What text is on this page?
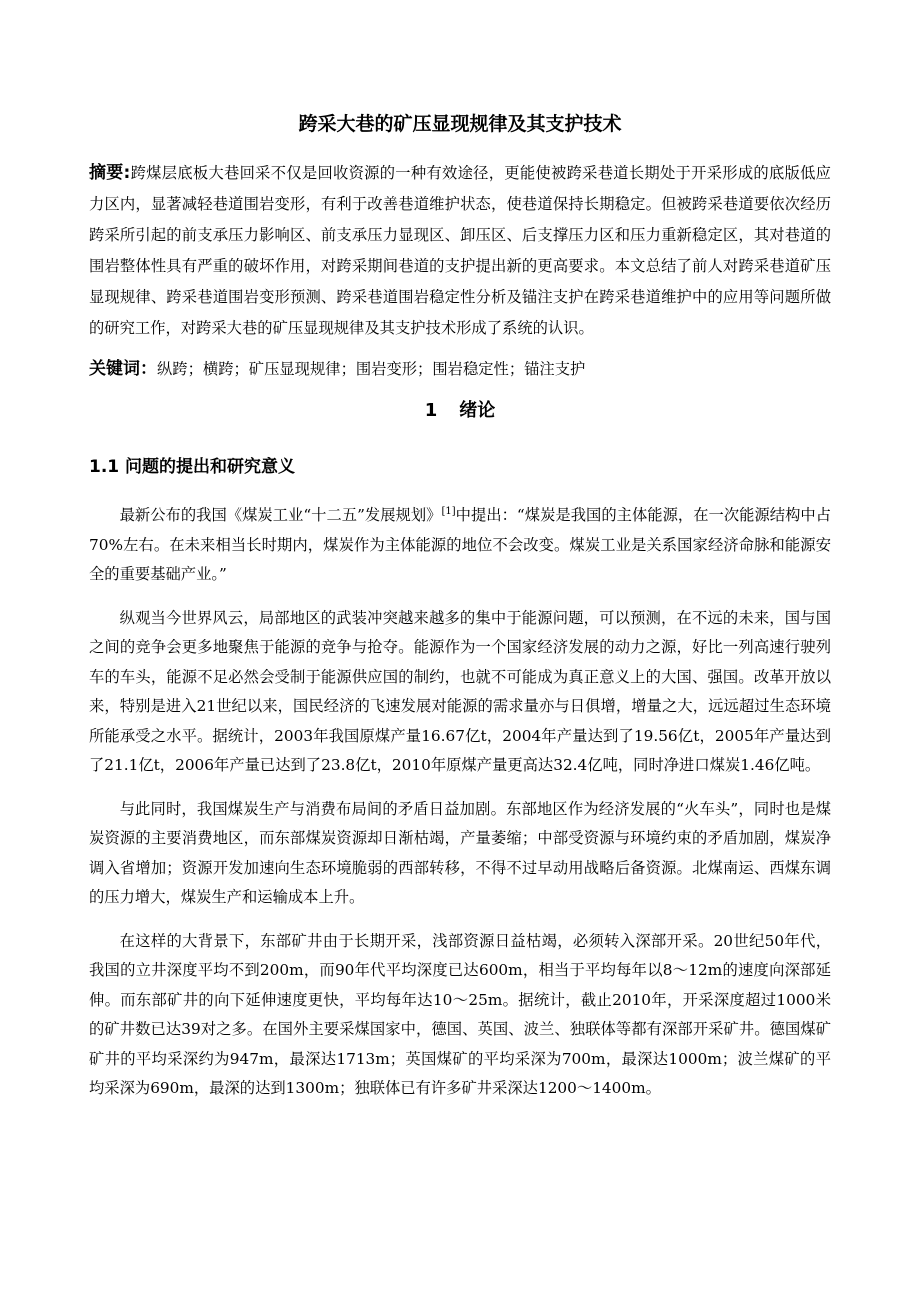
跨采大巷的矿压显现规律及其支护技术

摘要:跨煤层底板大巷回采不仅是回收资源的一种有效途径，更能使被跨采巷道长期处于开采形成的底版低应力区内，显著减轻巷道围岩变形，有利于改善巷道维护状态，使巷道保持长期稳定。但被跨采巷道要依次经历跨采所引起的前支承压力影响区、前支承压力显现区、卸压区、后支撑压力区和压力重新稳定区，其对巷道的围岩整体性具有严重的破坏作用，对跨采期间巷道的支护提出新的更高要求。本文总结了前人对跨采巷道矿压显现规律、跨采巷道围岩变形预测、跨采巷道围岩稳定性分析及锚注支护在跨采巷道维护中的应用等问题所做的研究工作，对跨采大巷的矿压显现规律及其支护技术形成了系统的认识。

关键词：纵跨；横跨；矿压显现规律；围岩变形；围岩稳定性；锚注支护

1 绪论
1.1 问题的提出和研究意义

最新公布的我国《煤炭工业“十二五”发展规划》[1]中提出：“煤炭是我国的主体能源，在一次能源结构中占70%左右。在未来相当长时期内，煤炭作为主体能源的地位不会改变。煤炭工业是关系国家经济命脉和能源安全的重要基础产业。”

纵观当今世界风云，局部地区的武装冲突越来越多的集中于能源问题，可以预测，在不远的未来，国与国之间的竞争会更多地聚焦于能源的竞争与抢夺。能源作为一个国家经济发展的动力之源，好比一列高速行驶列车的车头，能源不足必然会受制于能源供应国的制约，也就不可能成为真正意义上的大国、强国。改革开放以来，特别是进入21世纪以来，国民经济的飞速发展对能源的需求量亦与日俱增，增量之大，远远超过生态环境所能承受之水平。据统计，2003年我国原煤产量16.67亿t，2004年产量达到了19.56亿t，2005年产量达到了21.1亿t，2006年产量已达到了23.8亿t，2010年原煤产量更高达32.4亿吨，同时净进口煤炭1.46亿吨。

与此同时，我国煤炭生产与消费布局间的矛盾日益加剧。东部地区作为经济发展的“火车头”，同时也是煤炭资源的主要消费地区，而东部煤炭资源却日渐枯竭，产量萎缩；中部受资源与环境约束的矛盾加剧，煤炭净调入省增加；资源开发加速向生态环境脆弱的西部转移，不得不过早动用战略后备资源。北煤南运、西煤东调的压力增大，煤炭生产和运输成本上升。

在这样的大背景下，东部矿井由于长期开采，浅部资源日益枯竭，必须转入深部开采。20世纪50年代，我国的立井深度平均不到200m，而90年代平均深度已达600m，相当于平均每年以8～12m的速度向深部延伸。而东部矿井的向下延伸速度更快，平均每年达10～25m。据统计，截止2010年，开采深度超过1000米的矿井数已达39对之多。在国外主要采煤国家中，德国、英国、波兰、独联体等都有深部开采矿井。德国煤矿矿井的平均采深约为947m，最深达1713m；英国煤矿的平均采深为700m，最深达1000m；波兰煤矿的平均采深为690m，最深的达到1300m；独联体已有许多矿井采深达1200～1400m。
